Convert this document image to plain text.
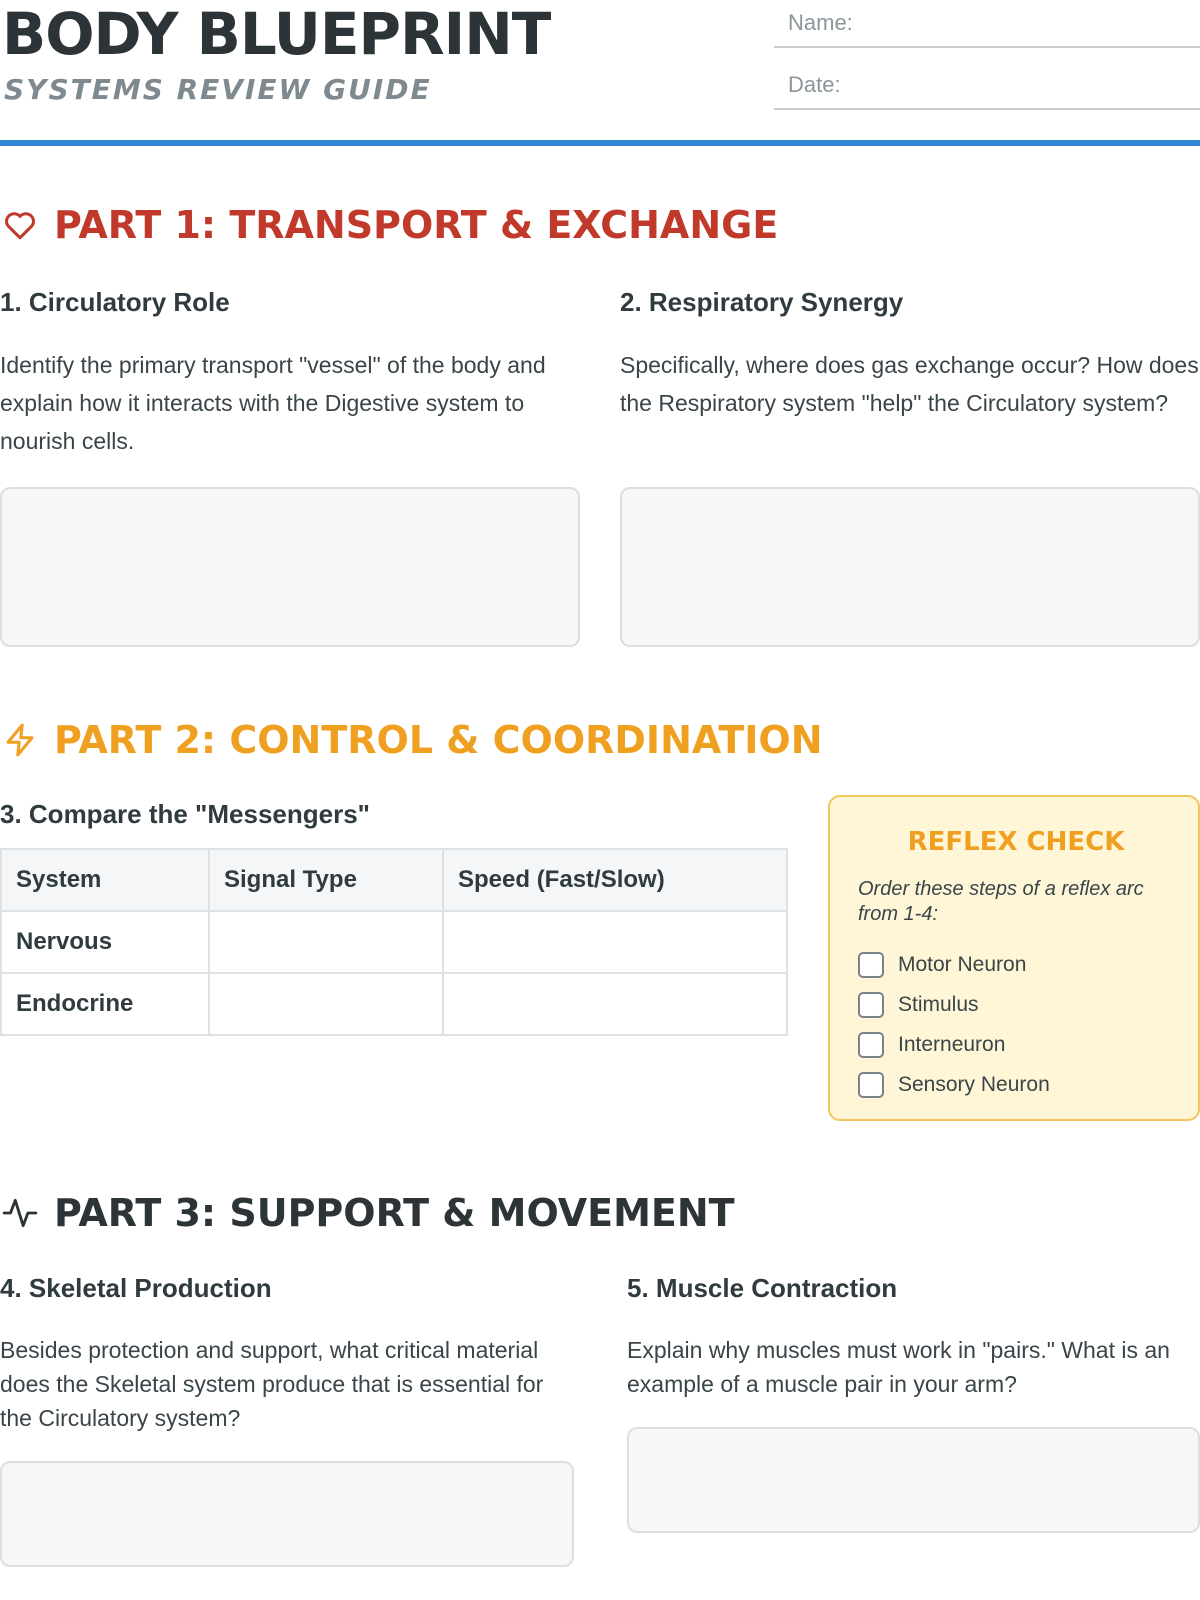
BODY BLUEPRINT
SYSTEMS REVIEW GUIDE
Name:
Date:
PART 1: TRANSPORT & EXCHANGE
1. Circulatory Role
Identify the primary transport "vessel" of the body and explain how it interacts with the Digestive system to nourish cells.
2. Respiratory Synergy
Specifically, where does gas exchange occur? How does the Respiratory system "help" the Circulatory system?
PART 2: CONTROL & COORDINATION
3. Compare the "Messengers"
System	Signal Type	Speed (Fast/Slow)
Nervous		
Endocrine		
REFLEX CHECK
Order these steps of a reflex arc from 1-4:
Motor Neuron
Stimulus
Interneuron
Sensory Neuron
PART 3: SUPPORT & MOVEMENT
4. Skeletal Production
Besides protection and support, what critical material does the Skeletal system produce that is essential for the Circulatory system?
5. Muscle Contraction
Explain why muscles must work in "pairs." What is an example of a muscle pair in your arm?
